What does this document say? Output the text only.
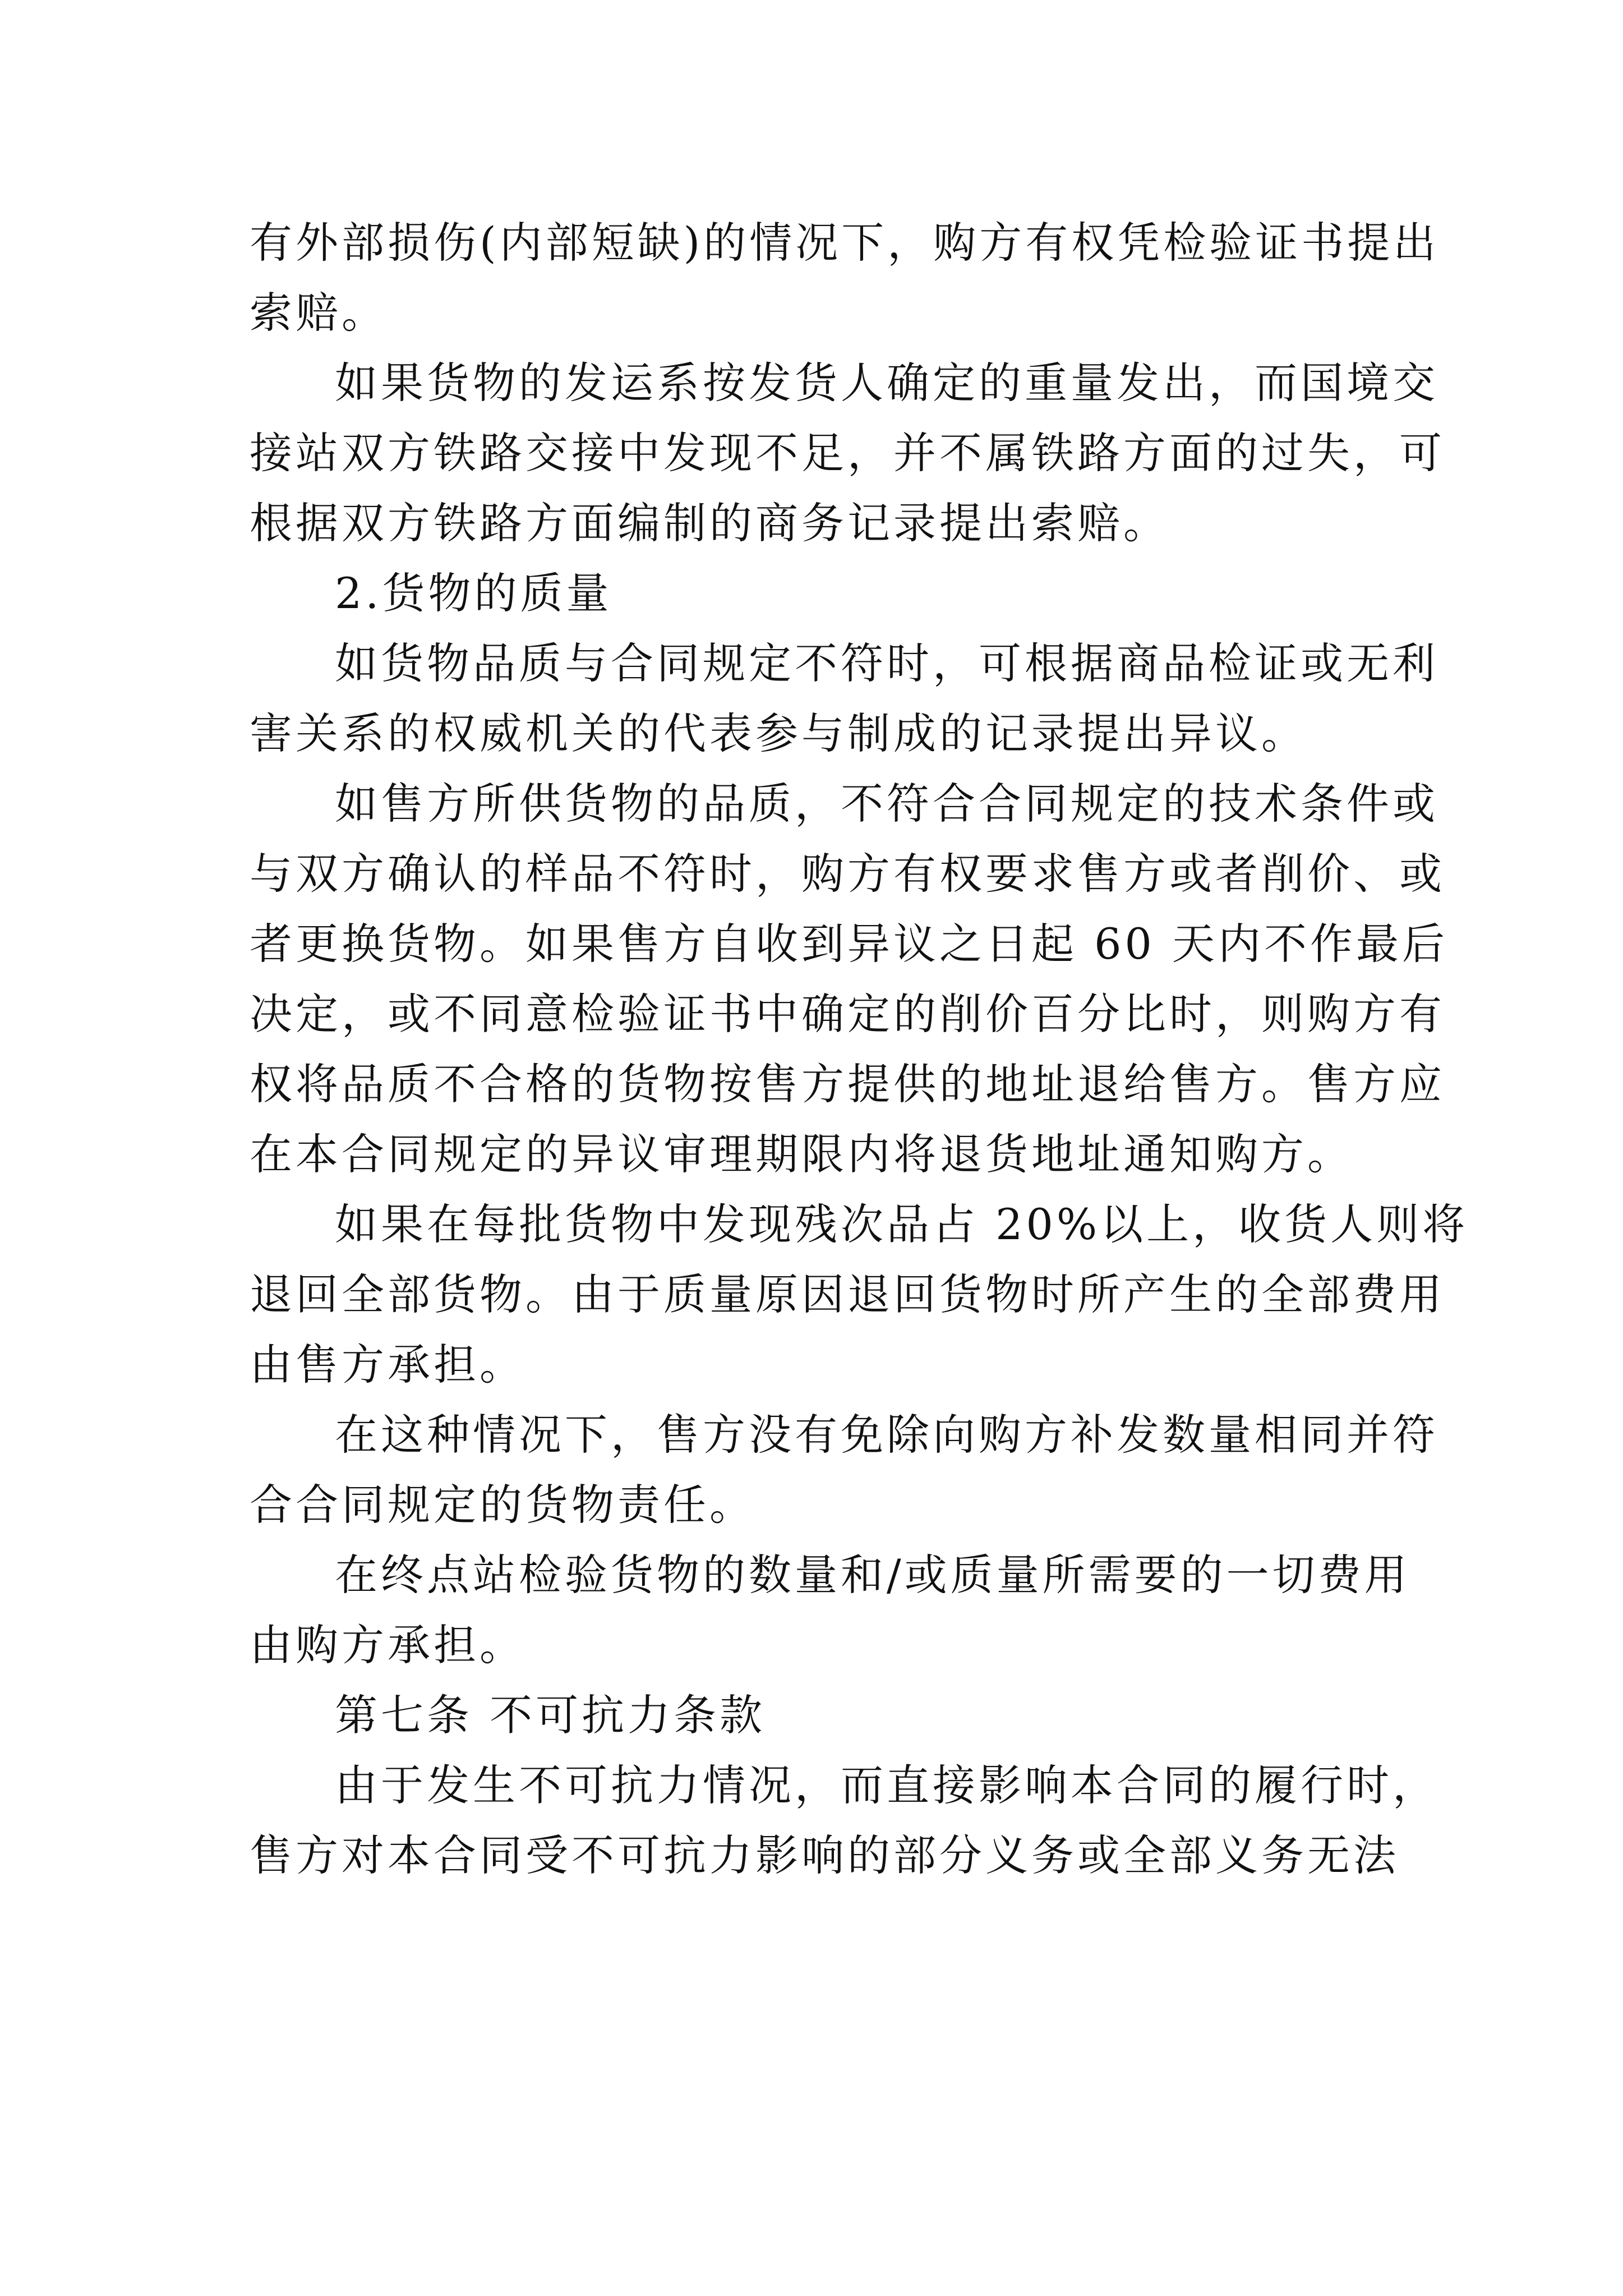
有外部损伤(内部短缺)的情况下，购方有权凭检验证书提出
索赔。
如果货物的发运系按发货人确定的重量发出，而国境交
接站双方铁路交接中发现不足，并不属铁路方面的过失，可
根据双方铁路方面编制的商务记录提出索赔。
2.货物的质量
如货物品质与合同规定不符时，可根据商品检证或无利
害关系的权威机关的代表参与制成的记录提出异议。
如售方所供货物的品质，不符合合同规定的技术条件或
与双方确认的样品不符时，购方有权要求售方或者削价、或
者更换货物。如果售方自收到异议之日起 60 天内不作最后
决定，或不同意检验证书中确定的削价百分比时，则购方有
权将品质不合格的货物按售方提供的地址退给售方。售方应
在本合同规定的异议审理期限内将退货地址通知购方。
如果在每批货物中发现残次品占 20%以上，收货人则将
退回全部货物。由于质量原因退回货物时所产生的全部费用
由售方承担。
在这种情况下，售方没有免除向购方补发数量相同并符
合合同规定的货物责任。
在终点站检验货物的数量和/或质量所需要的一切费用
由购方承担。
第七条 不可抗力条款
由于发生不可抗力情况，而直接影响本合同的履行时，
售方对本合同受不可抗力影响的部分义务或全部义务无法
